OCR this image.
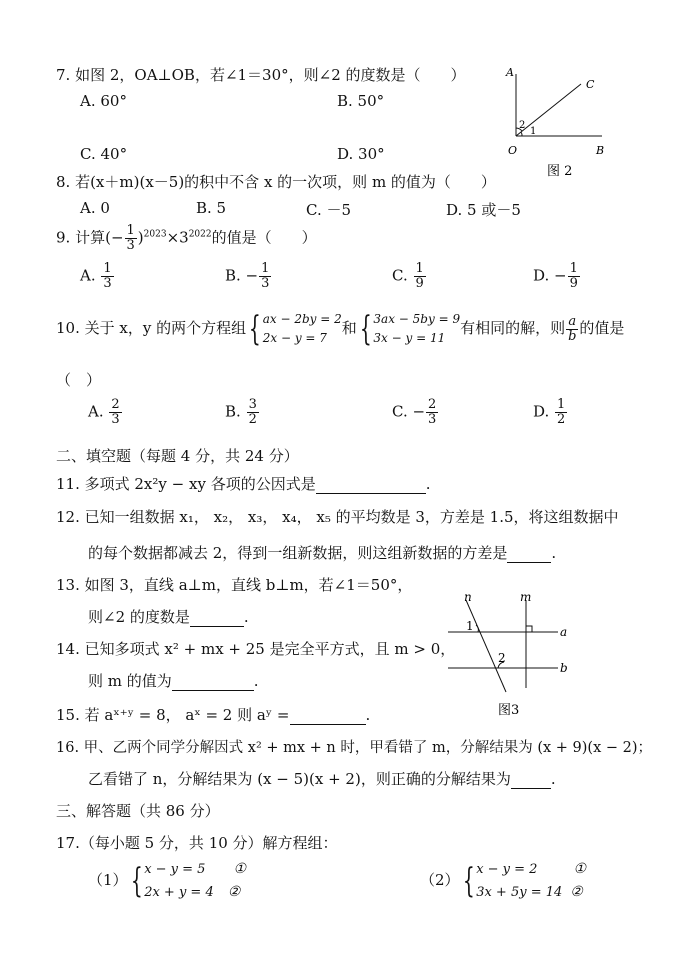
7. 如图 2，OA⊥OB，若∠1＝30°，则∠2 的度数是（　　）
A. 60°	B. 50°
C. 40°	D. 30°
A
C
O	B
1
2
图 2
8. 若(x＋m)(x－5)的积中不含 x 的一次项，则 m 的值为（　　）
A. 0	B. 5	C. －5	D. 5 或－5
9. 计算(− $\frac{1}{3} )^{2023}\times 3^{2022}$的值是（　　）
A. $\frac{1}{3}$	B. − $\frac{1}{3}$	C. $\frac{1}{9}$	D. − $\frac{1}{9}$
10. 关于 x，y 的两个方程组{ ax − 2by = 2
2x − y = 7
和{ 3ax − 5by = 9
3x − y = 11
有相同的解，则 $\frac{a}{b}$ 的值是
（　）
A. $\frac{2}{3}$	B. $\frac{3}{2}$	C. − $\frac{2}{3}$	D. $\frac{1}{2}$
二、填空题（每题 4 分，共 24 分）
11. 多项式 2x²y − xy 各项的公因式是	.
12. 已知一组数据 x₁， x₂， x₃， x₄， x₅ 的平均数是 3，方差是 1.5，将这组数据中
的每个数据都减去 2，得到一组新数据，则这组新数据的方差是	.
13. 如图 3，直线 a⊥m，直线 b⊥m，若∠1＝50°，
则∠2 的度数是	.
14. 已知多项式 x² + mx + 25 是完全平方式，且 m > 0，
则 m 的值为	.
15. 若 aˣ⁺ʸ = 8， aˣ = 2 则 aʸ =	.
n	m
a
b
1
2
图3
16. 甲、乙两个同学分解因式 x² + mx + n 时，甲看错了 m，分解结果为 (x + 9)(x − 2)；
乙看错了 n，分解结果为 (x − 5)(x + 2)，则正确的分解结果为	.
三、解答题（共 86 分）
17.（每小题 5 分，共 10 分）解方程组：
（1）{ x − y = 5 ①
2x + y = 4 ②
（2）{ x − y = 2	①
3x + 5y = 14 ②
